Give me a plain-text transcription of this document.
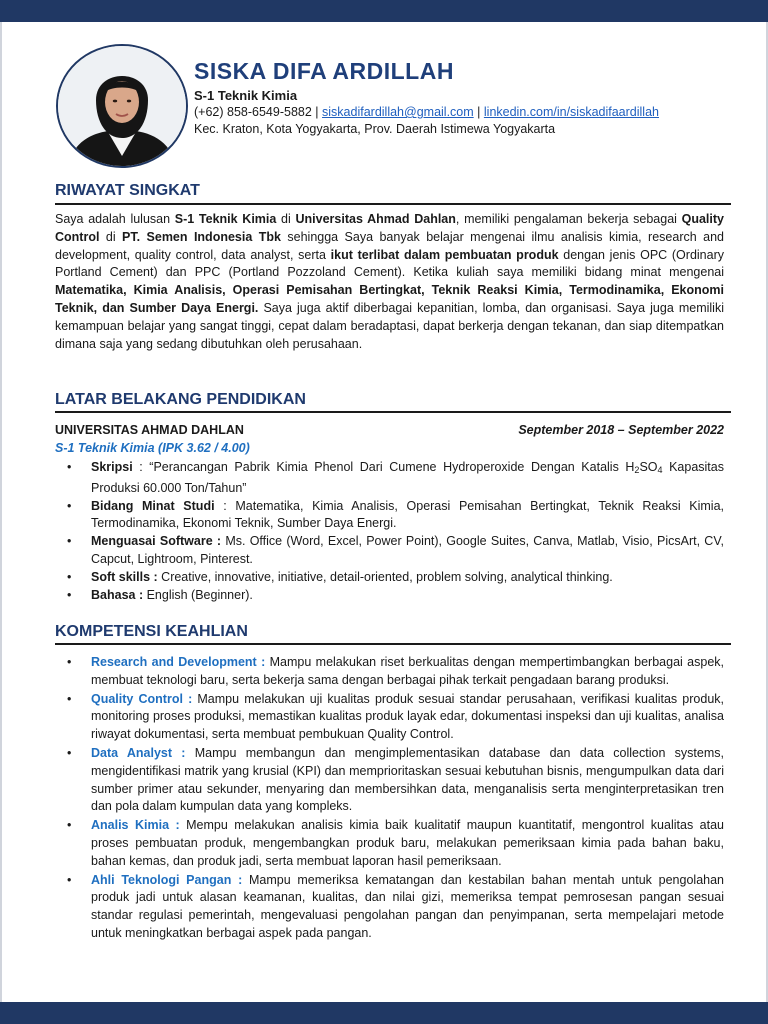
SISKA DIFA ARDILLAH

S-1 Teknik Kimia

(+62) 858-6549-5882 | siskadifardillah@gmail.com | linkedin.com/in/siskadifaardillah

Kec. Kraton, Kota Yogyakarta, Prov. Daerah Istimewa Yogyakarta

RIWAYAT SINGKAT

Saya adalah lulusan S-1 Teknik Kimia di Universitas Ahmad Dahlan, memiliki pengalaman bekerja sebagai Quality Control di PT. Semen Indonesia Tbk sehingga Saya banyak belajar mengenai ilmu analisis kimia, research and development, quality control, data analyst, serta ikut terlibat dalam pembuatan produk dengan jenis OPC (Ordinary Portland Cement) dan PPC (Portland Pozzoland Cement). Ketika kuliah saya memiliki bidang minat mengenai Matematika, Kimia Analisis, Operasi Pemisahan Bertingkat, Teknik Reaksi Kimia, Termodinamika, Ekonomi Teknik, dan Sumber Daya Energi. Saya juga aktif diberbagai kepanitian, lomba, dan organisasi. Saya juga memiliki kemampuan belajar yang sangat tinggi, cepat dalam beradaptasi, dapat berkerja dengan tekanan, dan siap ditempatkan dimana saja yang sedang dibutuhkan oleh perusahaan.

LATAR BELAKANG PENDIDIKAN
UNIVERSITAS AHMAD DAHLAN	September 2018 – September 2022

S-1 Teknik Kimia (IPK 3.62 / 4.00)

• Skripsi : “Perancangan Pabrik Kimia Phenol Dari Cumene Hydroperoxide Dengan Katalis $H_2SO_4$ Kapasitas Produksi 60.000 Ton/Tahun”
• Bidang Minat Studi : Matematika, Kimia Analisis, Operasi Pemisahan Bertingkat, Teknik Reaksi Kimia, Termodinamika, Ekonomi Teknik, Sumber Daya Energi.
• Menguasai Software : Ms. Office (Word, Excel, Power Point), Google Suites, Canva, Matlab, Visio, PicsArt, CV, Capcut, Lightroom, Pinterest.
• Soft skills : Creative, innovative, initiative, detail-oriented, problem solving, analytical thinking.
• Bahasa : English (Beginner).
KOMPETENSI KEAHLIAN
• Research and Development : Mampu melakukan riset berkualitas dengan mempertimbangkan berbagai aspek, membuat teknologi baru, serta bekerja sama dengan berbagai pihak terkait pengadaan barang produksi.
• Quality Control : Mampu melakukan uji kualitas produk sesuai standar perusahaan, verifikasi kualitas produk, monitoring proses produksi, memastikan kualitas produk layak edar, dokumentasi inspeksi dan uji kualitas, analisa riwayat dokumentasi, serta membuat pembukuan Quality Control.
• Data Analyst : Mampu membangun dan mengimplementasikan database dan data collection systems, mengidentifikasi matrik yang krusial (KPI) dan memprioritaskan sesuai kebutuhan bisnis, mengumpulkan data dari sumber primer atau sekunder, menyaring dan membersihkan data, menganalisis serta menginterpretasikan tren dan pola dalam kumpulan data yang kompleks.
• Analis Kimia : Mempu melakukan analisis kimia baik kualitatif maupun kuantitatif, mengontrol kualitas atau proses pembuatan produk, mengembangkan produk baru, melakukan pemeriksaan kimia pada bahan baku, bahan kemas, dan produk jadi, serta membuat laporan hasil pemeriksaan.
• Ahli Teknologi Pangan : Mampu memeriksa kematangan dan kestabilan bahan mentah untuk pengolahan produk jadi untuk alasan keamanan, kualitas, dan nilai gizi, memeriksa tempat pemrosesan pangan sesuai standar regulasi pemerintah, mengevaluasi pengolahan pangan dan penyimpanan, serta mempelajari metode untuk meningkatkan berbagai aspek pada pangan.
